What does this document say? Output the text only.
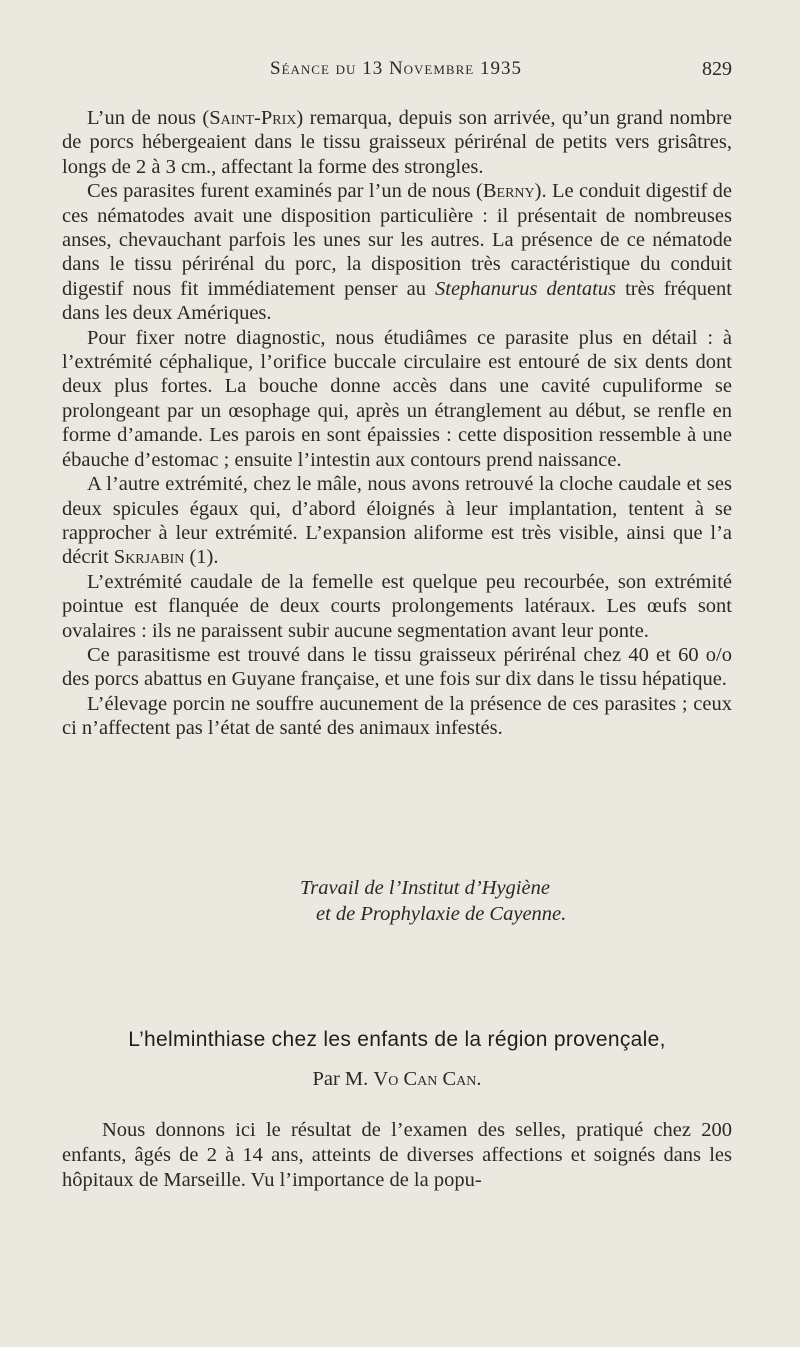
Séance du 13 Novembre 1935	829

L’un de nous (Saint-Prix) remarqua, depuis son arrivée, qu’un grand nombre de porcs hébergeaient dans le tissu graisseux périrénal de petits vers grisâtres, longs de 2 à 3 cm., affectant la forme des strongles.

Ces parasites furent examinés par l’un de nous (Berny). Le conduit digestif de ces nématodes avait une disposition particulière : il présentait de nombreuses anses, chevauchant parfois les unes sur les autres. La présence de ce nématode dans le tissu périrénal du porc, la disposition très caractéristique du conduit digestif nous fit immédiatement penser au Stephanurus dentatus très fréquent dans les deux Amériques.

Pour fixer notre diagnostic, nous étudiâmes ce parasite plus en détail : à l’extrémité céphalique, l’orifice buccale circulaire est entouré de six dents dont deux plus fortes. La bouche donne accès dans une cavité cupuliforme se prolongeant par un œsophage qui, après un étranglement au début, se renfle en forme d’amande. Les parois en sont épaissies : cette disposition ressemble à une ébauche d’estomac ; ensuite l’intestin aux contours prend naissance.

A l’autre extrémité, chez le mâle, nous avons retrouvé la cloche caudale et ses deux spicules égaux qui, d’abord éloignés à leur implantation, tentent à se rapprocher à leur extrémité. L’expansion aliforme est très visible, ainsi que l’a décrit Skrjabin (1).

L’extrémité caudale de la femelle est quelque peu recourbée, son extrémité pointue est flanquée de deux courts prolongements latéraux. Les œufs sont ovalaires : ils ne paraissent subir aucune segmentation avant leur ponte.

Ce parasitisme est trouvé dans le tissu graisseux périrénal chez 40 et 60 o/o des porcs abattus en Guyane française, et une fois sur dix dans le tissu hépatique.

L’élevage porcin ne souffre aucunement de la présence de ces parasites ; ceux ci n’affectent pas l’état de santé des animaux infestés.

Travail de l’Institut d’Hygiène
et de Prophylaxie de Cayenne.
L’helminthiase chez les enfants de la région provençale,
Par M. Vo Can Can.

Nous donnons ici le résultat de l’examen des selles, pratiqué chez 200 enfants, âgés de 2 à 14 ans, atteints de diverses affections et soignés dans les hôpitaux de Marseille. Vu l’importance de la popu-
